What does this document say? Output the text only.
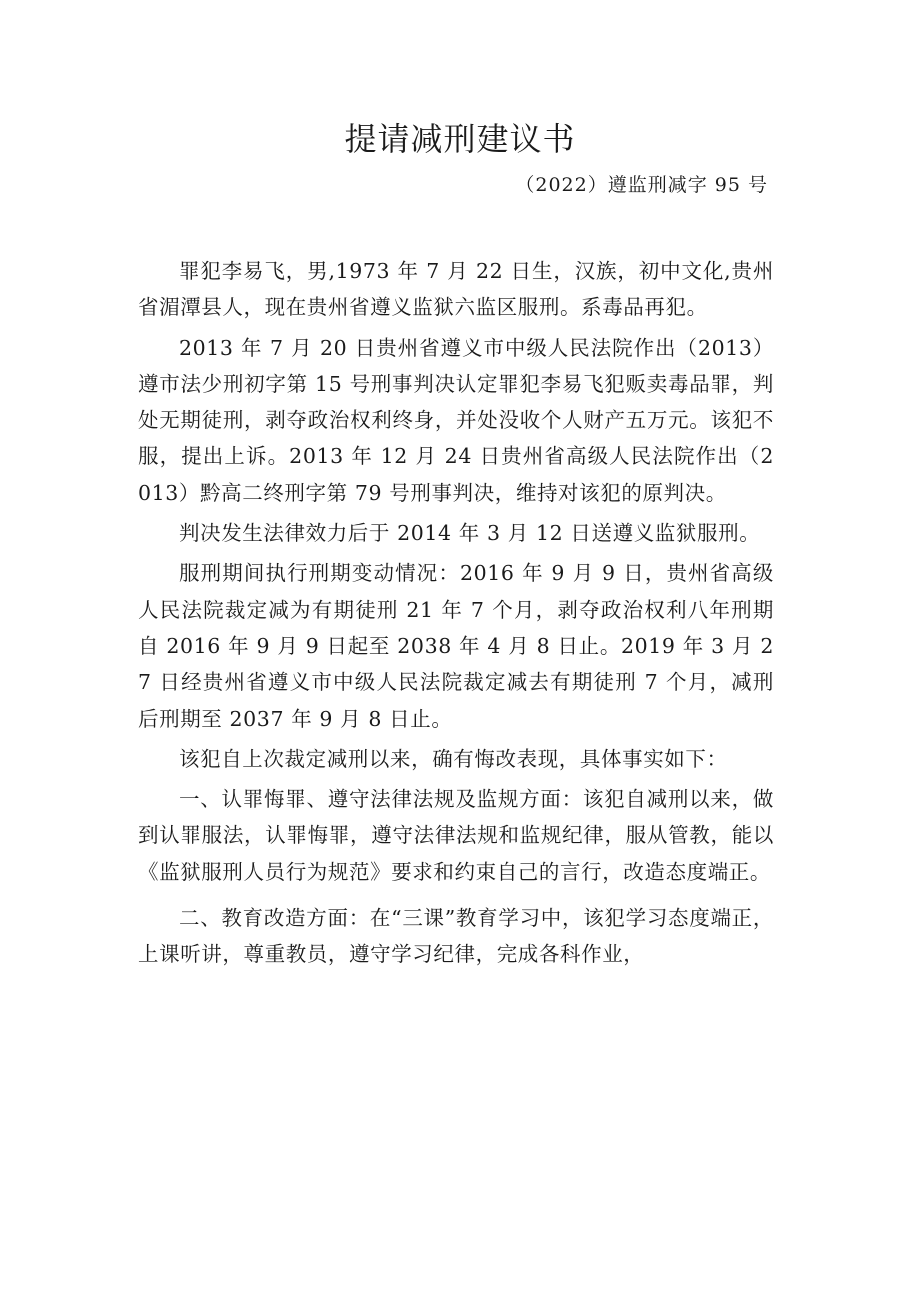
提请减刑建议书
（2022）遵监刑减字 95 号

罪犯李易飞，男,1973 年 7 月 22 日生，汉族，初中文化,贵州省湄潭县人，现在贵州省遵义监狱六监区服刑。系毒品再犯。

2013 年 7 月 20 日贵州省遵义市中级人民法院作出（2013）遵市法少刑初字第 15 号刑事判决认定罪犯李易飞犯贩卖毒品罪，判处无期徒刑，剥夺政治权利终身，并处没收个人财产五万元。该犯不服，提出上诉。2013 年 12 月 24 日贵州省高级人民法院作出（2013）黔高二终刑字第 79 号刑事判决，维持对该犯的原判决。

判决发生法律效力后于 2014 年 3 月 12 日送遵义监狱服刑。

服刑期间执行刑期变动情况：2016 年 9 月 9 日，贵州省高级人民法院裁定减为有期徒刑 21 年 7 个月，剥夺政治权利八年刑期自 2016 年 9 月 9 日起至 2038 年 4 月 8 日止。2019 年 3 月 27 日经贵州省遵义市中级人民法院裁定减去有期徒刑 7 个月，减刑后刑期至 2037 年 9 月 8 日止。

该犯自上次裁定减刑以来，确有悔改表现，具体事实如下：

一、认罪悔罪、遵守法律法规及监规方面：该犯自减刑以来，做到认罪服法，认罪悔罪，遵守法律法规和监规纪律，服从管教，能以《监狱服刑人员行为规范》要求和约束自己的言行，改造态度端正。

二、教育改造方面：在“三课”教育学习中，该犯学习态度端正，上课听讲，尊重教员，遵守学习纪律，完成各科作业，
